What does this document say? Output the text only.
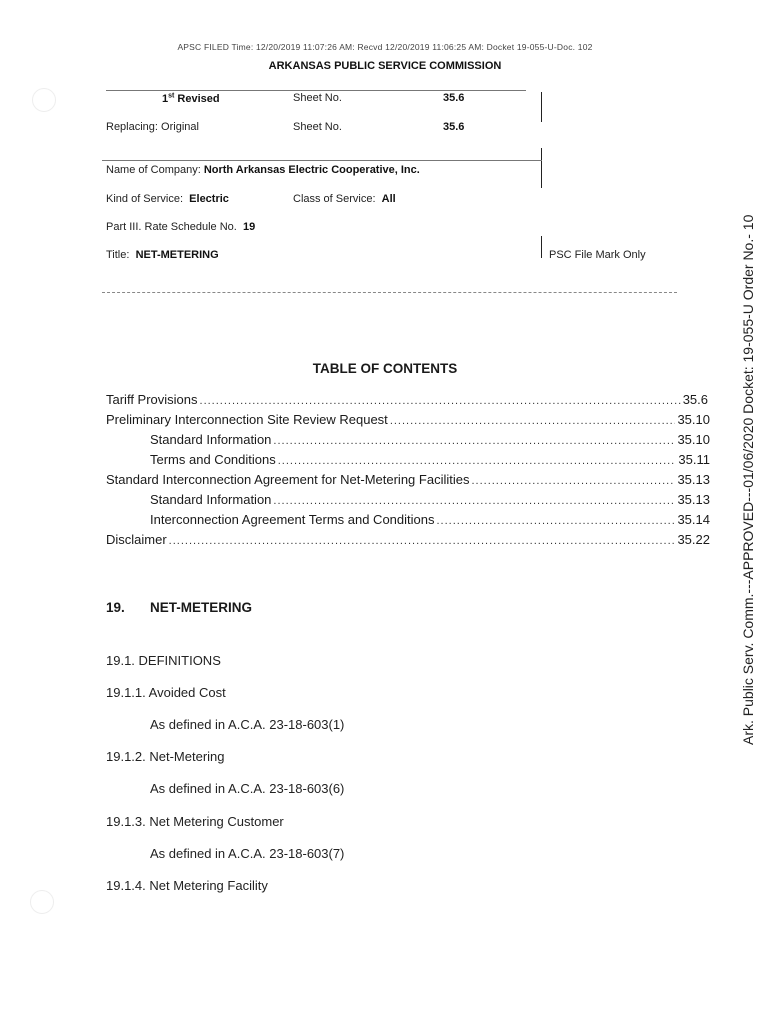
APSC FILED Time: 12/20/2019 11:07:26 AM: Recvd 12/20/2019 11:06:25 AM: Docket 19-055-U-Doc. 102
ARKANSAS PUBLIC SERVICE COMMISSION
1st Revised	Sheet No.	35.6
Replacing: Original	Sheet No.	35.6
Name of Company: North Arkansas Electric Cooperative, Inc.
Kind of Service: Electric	Class of Service: All
Part III. Rate Schedule No. 19
Title: NET-METERING	PSC File Mark Only
TABLE OF CONTENTS
Tariff Provisions .....	35.6
Preliminary Interconnection Site Review Request .....	35.10
Standard Information .....	35.10
Terms and Conditions .....	35.11
Standard Interconnection Agreement for Net-Metering Facilities .....	35.13
Standard Information .....	35.13
Interconnection Agreement Terms and Conditions .....	35.14
Disclaimer .....	35.22
19. NET-METERING
19.1. DEFINITIONS
19.1.1. Avoided Cost
As defined in A.C.A. 23-18-603(1)
19.1.2. Net-Metering
As defined in A.C.A. 23-18-603(6)
19.1.3. Net Metering Customer
As defined in A.C.A. 23-18-603(7)
19.1.4. Net Metering Facility
Ark. Public Serv. Comm.---APPROVED---01/06/2020 Docket: 19-055-U Order No.- 10
